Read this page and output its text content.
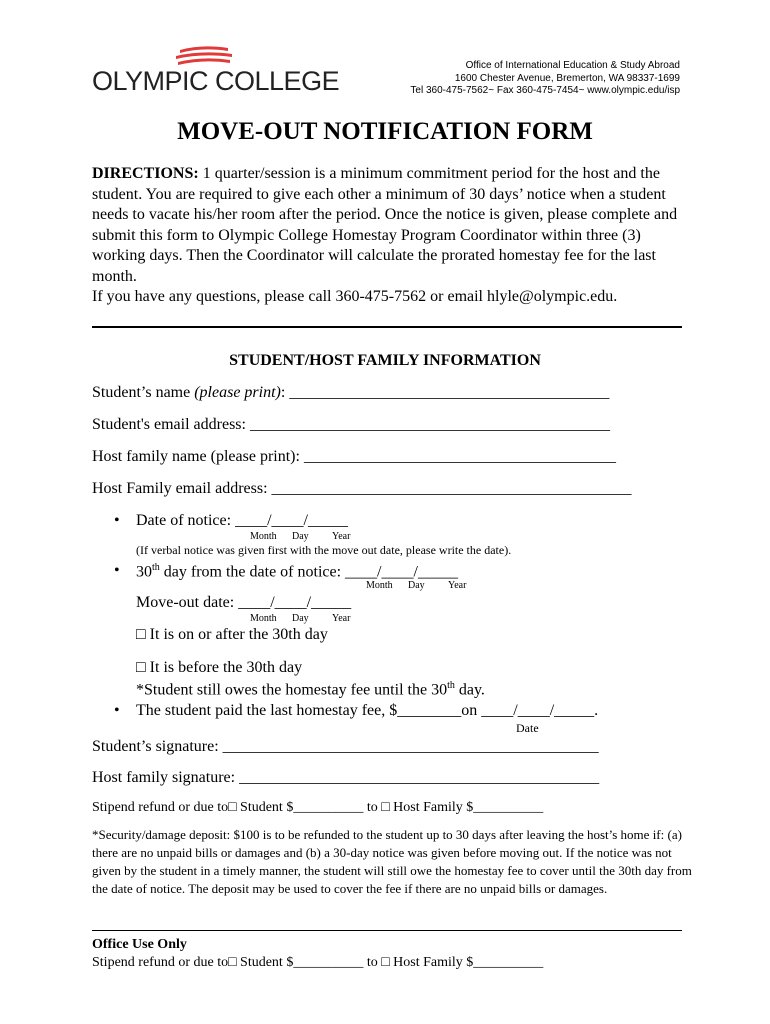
OLYMPIC COLLEGE
Office of International Education & Study Abroad
1600 Chester Avenue, Bremerton, WA 98337-1699
Tel 360-475-7562~ Fax 360-475-7454~ www.olympic.edu/isp
MOVE-OUT NOTIFICATION FORM
DIRECTIONS: 1 quarter/session is a minimum commitment period for the host and the student. You are required to give each other a minimum of 30 days’ notice when a student needs to vacate his/her room after the period. Once the notice is given, please complete and submit this form to Olympic College Homestay Program Coordinator within three (3) working days. Then the Coordinator will calculate the prorated homestay fee for the last month.
If you have any questions, please call 360-475-7562 or email hlyle@olympic.edu.
STUDENT/HOST FAMILY INFORMATION
Student’s name (please print): ________________________________________
Student's email address: _____________________________________________
Host family name (please print): _______________________________________
Host Family email address: _____________________________________________
• Date of notice: ____/____/_____
Month Day Year
(If verbal notice was given first with the move out date, please write the date).
• 30th day from the date of notice: ____/____/_____
Month Day Year
Move-out date: ____/____/_____
Month Day Year
□ It is on or after the 30th day
□ It is before the 30th day
*Student still owes the homestay fee until the 30th day.
• The student paid the last homestay fee, $________on ____/____/_____.
Date
Student’s signature: _______________________________________________
Host family signature: _____________________________________________
Stipend refund or due to□ Student $__________ to □ Host Family $__________
*Security/damage deposit: $100 is to be refunded to the student up to 30 days after leaving the host’s home if: (a) there are no unpaid bills or damages and (b) a 30-day notice was given before moving out. If the notice was not given by the student in a timely manner, the student will still owe the homestay fee to cover until the 30th day from the date of notice. The deposit may be used to cover the fee if there are no unpaid bills or damages.
Office Use Only
Stipend refund or due to□ Student $__________ to □ Host Family $__________
